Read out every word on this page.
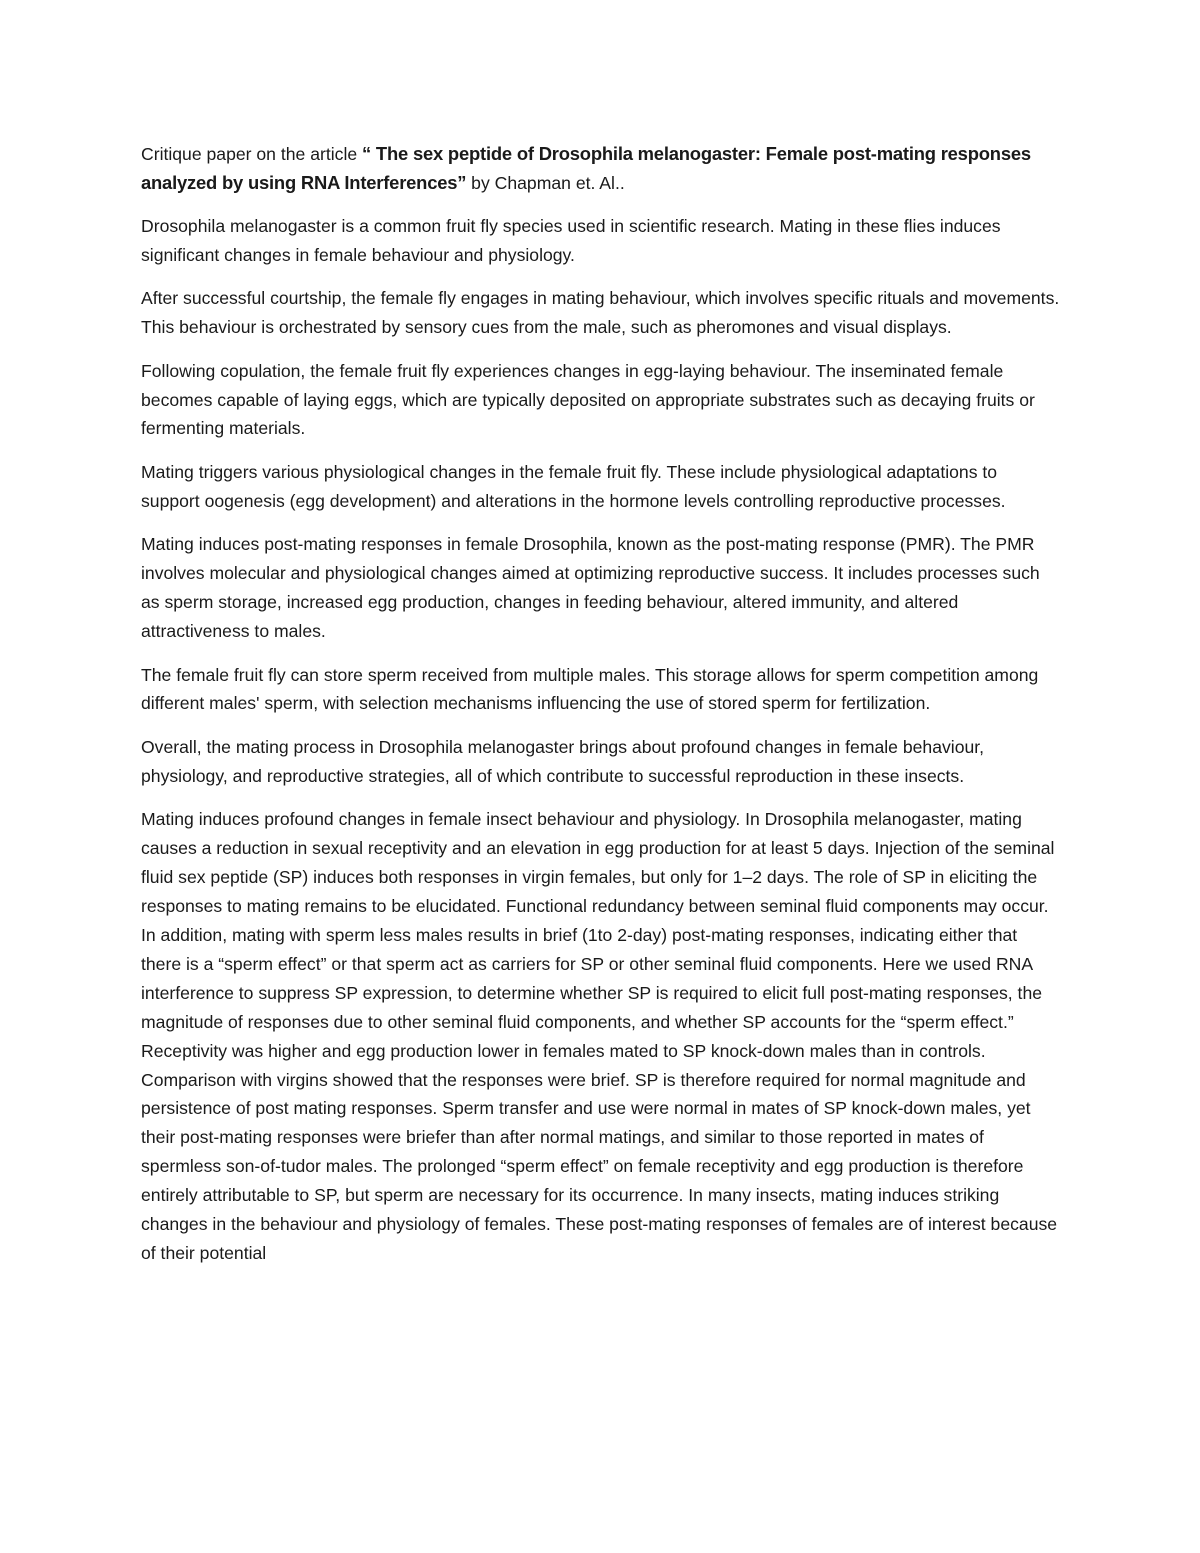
Critique paper on the article “ The sex peptide of Drosophila melanogaster: Female post-mating responses analyzed by using RNA Interferences” by Chapman et. Al..

Drosophila melanogaster is a common fruit fly species used in scientific research. Mating in these flies induces significant changes in female behaviour and physiology.

After successful courtship, the female fly engages in mating behaviour, which involves specific rituals and movements. This behaviour is orchestrated by sensory cues from the male, such as pheromones and visual displays.

Following copulation, the female fruit fly experiences changes in egg-laying behaviour. The inseminated female becomes capable of laying eggs, which are typically deposited on appropriate substrates such as decaying fruits or fermenting materials.

Mating triggers various physiological changes in the female fruit fly. These include physiological adaptations to support oogenesis (egg development) and alterations in the hormone levels controlling reproductive processes.

Mating induces post-mating responses in female Drosophila, known as the post-mating response (PMR). The PMR involves molecular and physiological changes aimed at optimizing reproductive success. It includes processes such as sperm storage, increased egg production, changes in feeding behaviour, altered immunity, and altered attractiveness to males.

The female fruit fly can store sperm received from multiple males. This storage allows for sperm competition among different males' sperm, with selection mechanisms influencing the use of stored sperm for fertilization.

Overall, the mating process in Drosophila melanogaster brings about profound changes in female behaviour, physiology, and reproductive strategies, all of which contribute to successful reproduction in these insects.

Mating induces profound changes in female insect behaviour and physiology. In Drosophila melanogaster, mating causes a reduction in sexual receptivity and an elevation in egg production for at least 5 days. Injection of the seminal fluid sex peptide (SP) induces both responses in virgin females, but only for 1–2 days. The role of SP in eliciting the responses to mating remains to be elucidated. Functional redundancy between seminal fluid components may occur. In addition, mating with sperm less males results in brief (1to 2-day) post-mating responses, indicating either that there is a “sperm effect” or that sperm act as carriers for SP or other seminal fluid components. Here we used RNA interference to suppress SP expression, to determine whether SP is required to elicit full post-mating responses, the magnitude of responses due to other seminal fluid components, and whether SP accounts for the “sperm effect.” Receptivity was higher and egg production lower in females mated to SP knock-down males than in controls. Comparison with virgins showed that the responses were brief. SP is therefore required for normal magnitude and persistence of post mating responses. Sperm transfer and use were normal in mates of SP knock-down males, yet their post-mating responses were briefer than after normal matings, and similar to those reported in mates of spermless son-of-tudor males. The prolonged “sperm effect” on female receptivity and egg production is therefore entirely attributable to SP, but sperm are necessary for its occurrence. In many insects, mating induces striking changes in the behaviour and physiology of females. These post-mating responses of females are of interest because of their potential
